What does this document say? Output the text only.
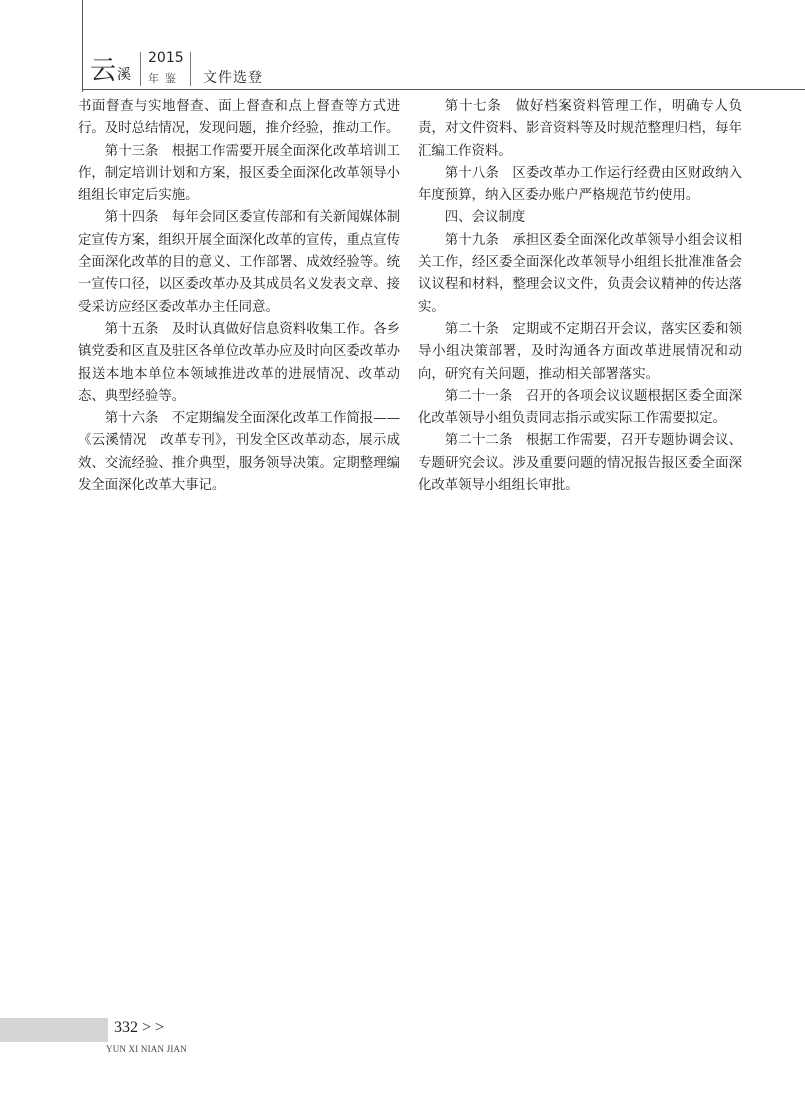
云溪
2015
年鉴 文件选登

书面督查与实地督查、面上督查和点上督查等方式进行。及时总结情况，发现问题，推介经验，推动工作。

第十三条　根据工作需要开展全面深化改革培训工作，制定培训计划和方案，报区委全面深化改革领导小组组长审定后实施。

第十四条　每年会同区委宣传部和有关新闻媒体制定宣传方案，组织开展全面深化改革的宣传，重点宣传全面深化改革的目的意义、工作部署、成效经验等。统一宣传口径，以区委改革办及其成员名义发表文章、接受采访应经区委改革办主任同意。

第十五条　及时认真做好信息资料收集工作。各乡镇党委和区直及驻区各单位改革办应及时向区委改革办报送本地本单位本领域推进改革的进展情况、改革动态、典型经验等。

第十六条　不定期编发全面深化改革工作简报——《云溪情况　改革专刊》，刊发全区改革动态，展示成效、交流经验、推介典型，服务领导决策。定期整理编发全面深化改革大事记。

第十七条　做好档案资料管理工作，明确专人负责，对文件资料、影音资料等及时规范整理归档，每年汇编工作资料。

第十八条　区委改革办工作运行经费由区财政纳入年度预算，纳入区委办账户严格规范节约使用。

四、会议制度

第十九条　承担区委全面深化改革领导小组会议相关工作，经区委全面深化改革领导小组组长批准准备会议议程和材料，整理会议文件，负责会议精神的传达落实。

第二十条　定期或不定期召开会议，落实区委和领导小组决策部署，及时沟通各方面改革进展情况和动向，研究有关问题，推动相关部署落实。

第二十一条　召开的各项会议议题根据区委全面深化改革领导小组负责同志指示或实际工作需要拟定。

第二十二条　根据工作需要，召开专题协调会议、专题研究会议。涉及重要问题的情况报告报区委全面深化改革领导小组组长审批。

332 > >
YUN XI NIAN JIAN
